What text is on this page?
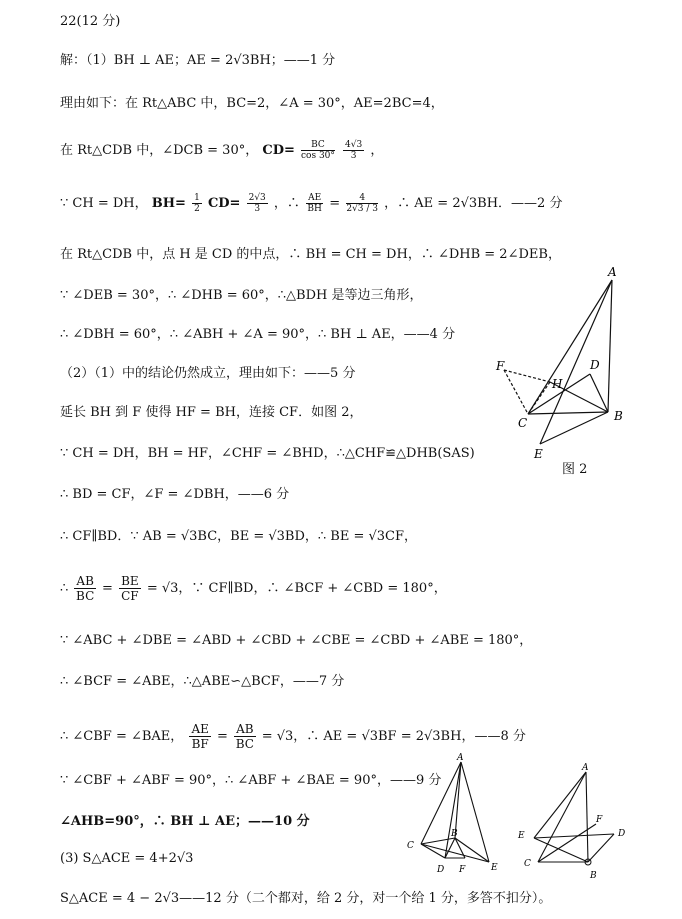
22(12 分)
解：（1）BH ⊥ AE；AE = 2√3BH；——1 分
理由如下：在 Rt△ABC 中，BC=2，∠A = 30°，AE=2BC=4，
在 Rt△CDB 中，∠DCB = 30°， $CD= \frac{BC}{\cos 30^\circ}$
$\frac{4√3}{3}$ ，
∵ CH = DH， $BH= \frac{1}{2} CD= \frac{2√3}{3}$ ，∴ $\frac{AE}{BH} = \frac{4}{2√3 / 3}$ ，∴ AE = 2√3BH．——2 分
在 Rt△CDB 中，点 H 是 CD 的中点，∴ BH = CH = DH，∴ ∠DHB = 2∠DEB，
∵ ∠DEB = 30°，∴ ∠DHB = 60°，∴△BDH 是等边三角形，
∴ ∠DBH = 60°，∴ ∠ABH + ∠A = 90°，∴ BH ⊥ AE，——4 分
（2）（1）中的结论仍然成立，理由如下：——5 分
延长 BH 到 F 使得 HF = BH，连接 CF．如图 2，
∵ CH = DH，BH = HF，∠CHF = ∠BHD，∴△CHF≌△DHB(SAS)
∴ BD = CF，∠F = ∠DBH，——6 分
∴ CF∥BD．∵ AB = √3BC，BE = √3BD，∴ BE = √3CF，
∴ $\frac{AB}{BC} = \frac{BE}{CF} = √3$，∵ CF∥BD，∴ ∠BCF + ∠CBD = 180°，
∵ ∠ABC + ∠DBE = ∠ABD + ∠CBD + ∠CBE = ∠CBD + ∠ABE = 180°，
∴ ∠BCF = ∠ABE，∴△ABE∽△BCF，——7 分
∴ ∠CBF = ∠BAE， $\frac{AE}{BF} = \frac{AB}{BC} = √3$，∴ AE = √3BF = 2√3BH，——8 分
∵ ∠CBF + ∠ABF = 90°，∴ ∠ABF + ∠BAE = 90°，——9 分
∠AHB=90°，∴ BH ⊥ AE；——10 分
(3) S△ACE = 4+2√3
S△ACE = 4 − 2√3——12 分（二个都对，给 2 分，对一个给 1 分，多答不扣分）。
A
B
C
D
E
F
H
图 2
A
B
C
D	E
F
A
B
C
D
E
F
